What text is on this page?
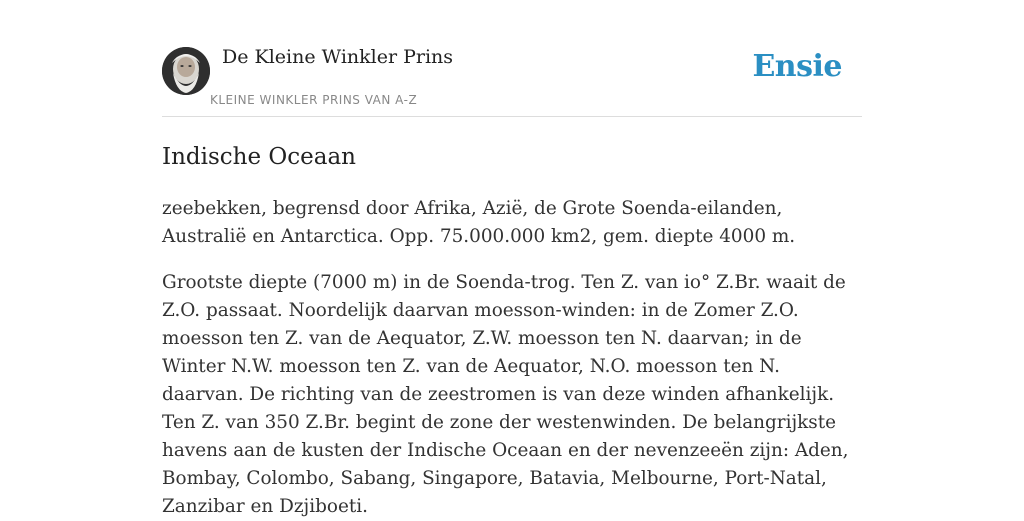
De Kleine Winkler Prins
KLEINE WINKLER PRINS VAN A-Z
Ensie
Indische Oceaan

zeebekken, begrensd door Afrika, Azië, de Grote Soenda-eilanden, Australië en Antarctica. Opp. 75.000.000 km2, gem. diepte 4000 m.

Grootste diepte (7000 m) in de Soenda-trog. Ten Z. van io° Z.Br. waait de Z.O. passaat. Noordelijk daarvan moesson-winden: in de Zomer Z.O. moesson ten Z. van de Aequator, Z.W. moesson ten N. daarvan; in de Winter N.W. moesson ten Z. van de Aequator, N.O. moesson ten N. daarvan. De richting van de zeestromen is van deze winden afhankelijk. Ten Z. van 350 Z.Br. begint de zone der westenwinden. De belangrijkste havens aan de kusten der Indische Oceaan en der nevenzeeën zijn: Aden, Bombay, Colombo, Sabang, Singapore, Batavia, Melbourne, Port-Natal, Zanzibar en Dzjiboeti.
